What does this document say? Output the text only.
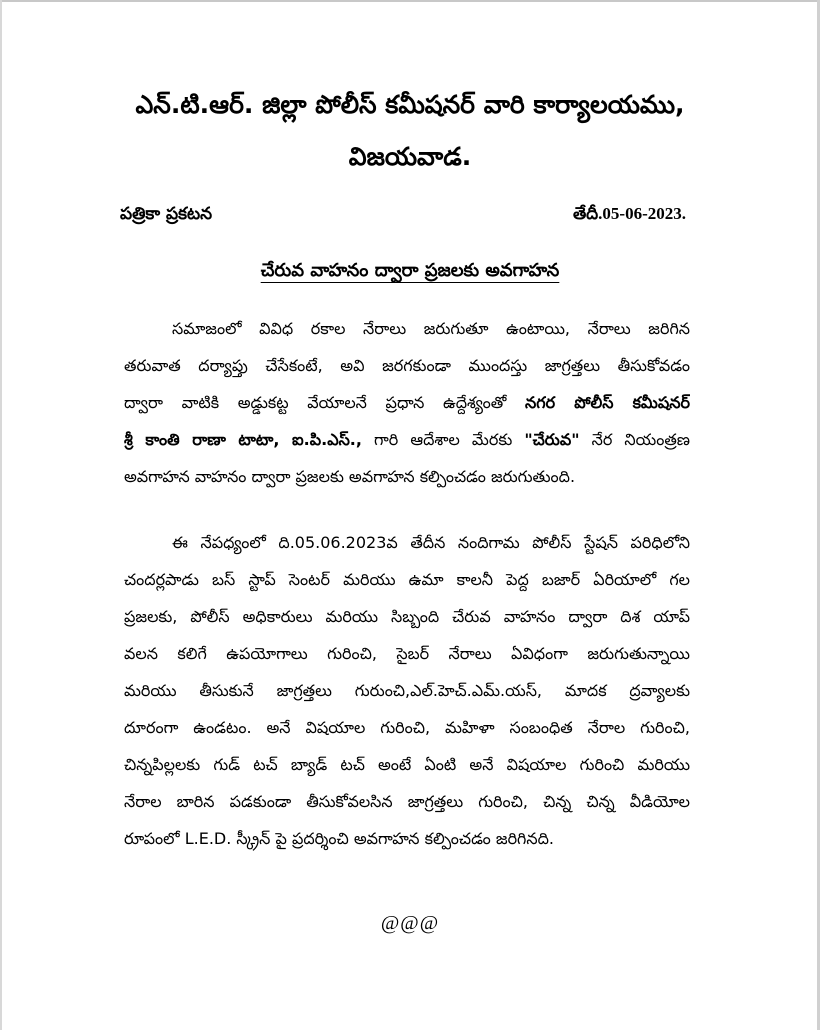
ఎన్.టి.ఆర్. జిల్లా పోలీస్ కమీషనర్ వారి కార్యాలయము,
విజయవాడ.
పత్రికా ప్రకటన	తేదీ.05-06-2023.
చేరువ వాహనం ద్వారా ప్రజలకు అవగాహన
సమాజంలో వివిధ రకాల నేరాలు జరుగుతూ ఉంటాయి, నేరాలు జరిగిన
తరువాత దర్యాప్తు చేసేకంటే, అవి జరగకుండా ముందస్తు జాగ్రత్తలు తీసుకోవడం
ద్వారా వాటికి అడ్డుకట్ట వేయాలనే ప్రధాన ఉద్దేశ్యంతో నగర పోలీస్ కమీషనర్
శ్రీ కాంతి రాణా టాటా, ఐ.పి.ఎస్., గారి ఆదేశాల మేరకు "చేరువ" నేర నియంత్రణ
అవగాహన వాహనం ద్వారా ప్రజలకు అవగాహన కల్పించడం జరుగుతుంది.
ఈ నేపధ్యంలో ది.05.06.2023వ తేదీన నందిగామ పోలీస్ స్టేషన్ పరిధిలోని
చందర్లపాడు బస్ స్టాప్ సెంటర్ మరియు ఉమా కాలనీ పెద్ద బజార్ ఏరియాలో గల
ప్రజలకు, పోలీస్ అధికారులు మరియు సిబ్బంది చేరువ వాహనం ద్వారా దిశ యాప్
వలన కలిగే ఉపయోగాలు గురించి, సైబర్ నేరాలు ఏవిధంగా జరుగుతున్నాయి
మరియు తీసుకునే జాగ్రత్తలు గురుంచి,ఎల్.హెచ్.ఎమ్.యస్, మాదక ద్రవ్యాలకు
దూరంగా ఉండటం. అనే విషయాల గురించి, మహిళా సంబంధిత నేరాల గురించి,
చిన్నపిల్లలకు గుడ్ టచ్ బ్యాడ్ టచ్ అంటే ఏంటి అనే విషయాల గురించి మరియు
నేరాల బారిన పడకుండా తీసుకోవలసిన జాగ్రత్తలు గురించి, చిన్న చిన్న వీడియోల
రూపంలో L.E.D. స్క్రీన్ పై ప్రదర్శించి అవగాహన కల్పించడం జరిగినది.
@@@
